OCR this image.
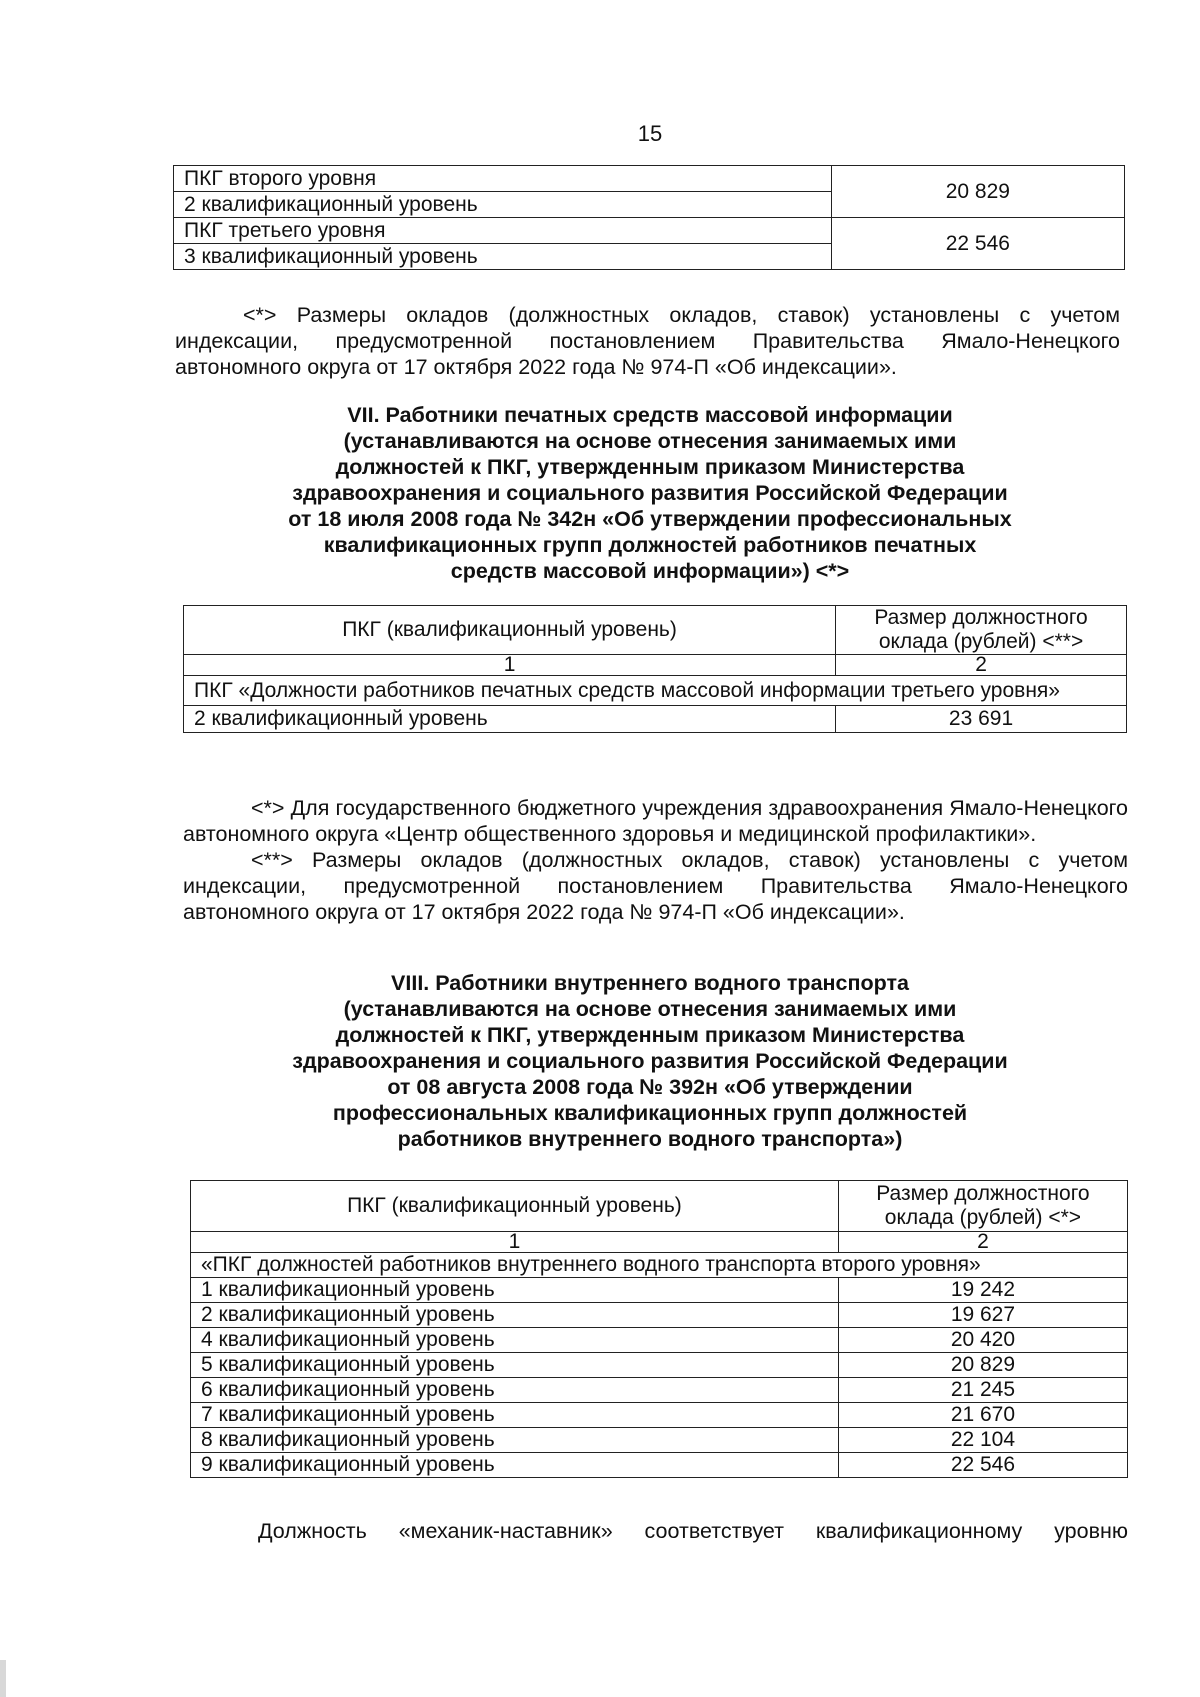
15
ПКГ второго уровня	20 829
2 квалификационный уровень	
ПКГ третьего уровня	22 546
3 квалификационный уровень	

<*> Размеры окладов (должностных окладов, ставок) установлены с учетом индексации, предусмотренной постановлением Правительства Ямало-Ненецкого автономного округа от 17 октября 2022 года № 974-П «Об индексации».

VII. Работники печатных средств массовой информации
(устанавливаются на основе отнесения занимаемых ими
должностей к ПКГ, утвержденным приказом Министерства
здравоохранения и социального развития Российской Федерации
от 18 июля 2008 года № 342н «Об утверждении профессиональных
квалификационных групп должностей работников печатных
средств массовой информации») <*>
ПКГ (квалификационный уровень)	Размер должностного
оклада (рублей) <**>

1	2
ПКГ «Должности работников печатных средств массовой информации третьего уровня»	
2 квалификационный уровень	23 691

<*> Для государственного бюджетного учреждения здравоохранения Ямало-Ненецкого автономного округа «Центр общественного здоровья и медицинской профилактики».

<**> Размеры окладов (должностных окладов, ставок) установлены с учетом индексации, предусмотренной постановлением Правительства Ямало-Ненецкого автономного округа от 17 октября 2022 года № 974-П «Об индексации».

VIII. Работники внутреннего водного транспорта
(устанавливаются на основе отнесения занимаемых ими
должностей к ПКГ, утвержденным приказом Министерства
здравоохранения и социального развития Российской Федерации
от 08 августа 2008 года № 392н «Об утверждении
профессиональных квалификационных групп должностей
работников внутреннего водного транспорта»)
ПКГ (квалификационный уровень)	Размер должностного
оклада (рублей) <*>

1	2
«ПКГ должностей работников внутреннего водного транспорта второго уровня»	
1 квалификационный уровень	19 242
2 квалификационный уровень	19 627
4 квалификационный уровень	20 420
5 квалификационный уровень	20 829
6 квалификационный уровень	21 245
7 квалификационный уровень	21 670
8 квалификационный уровень	22 104
9 квалификационный уровень	22 546

Должность «механик-наставник» соответствует квалификационному уровню
